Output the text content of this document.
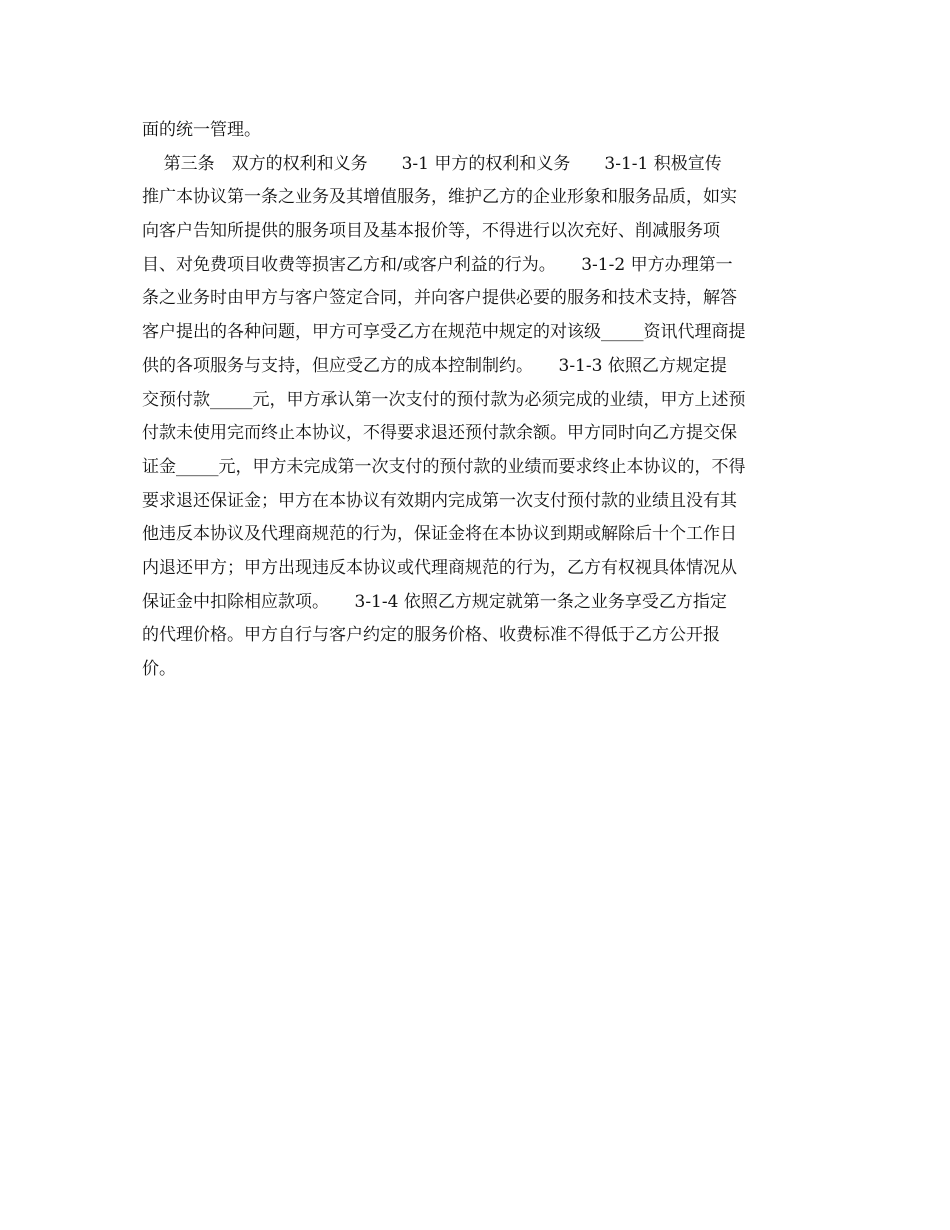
面的统一管理。
第三条　双方的权利和义务　　3-1 甲方的权利和义务　　3-1-1 积极宣传
推广本协议第一条之业务及其增值服务，维护乙方的企业形象和服务品质，如实
向客户告知所提供的服务项目及基本报价等，不得进行以次充好、削减服务项
目、对免费项目收费等损害乙方和/或客户利益的行为。　　3-1-2 甲方办理第一
条之业务时由甲方与客户签定合同，并向客户提供必要的服务和技术支持，解答
客户提出的各种问题，甲方可享受乙方在规范中规定的对该级_____资讯代理商提
供的各项服务与支持，但应受乙方的成本控制制约。　　3-1-3 依照乙方规定提
交预付款_____元，甲方承认第一次支付的预付款为必须完成的业绩，甲方上述预
付款未使用完而终止本协议，不得要求退还预付款余额。甲方同时向乙方提交保
证金_____元，甲方未完成第一次支付的预付款的业绩而要求终止本协议的，不得
要求退还保证金；甲方在本协议有效期内完成第一次支付预付款的业绩且没有其
他违反本协议及代理商规范的行为，保证金将在本协议到期或解除后十个工作日
内退还甲方；甲方出现违反本协议或代理商规范的行为，乙方有权视具体情况从
保证金中扣除相应款项。　　3-1-4 依照乙方规定就第一条之业务享受乙方指定
的代理价格。甲方自行与客户约定的服务价格、收费标准不得低于乙方公开报
价。
